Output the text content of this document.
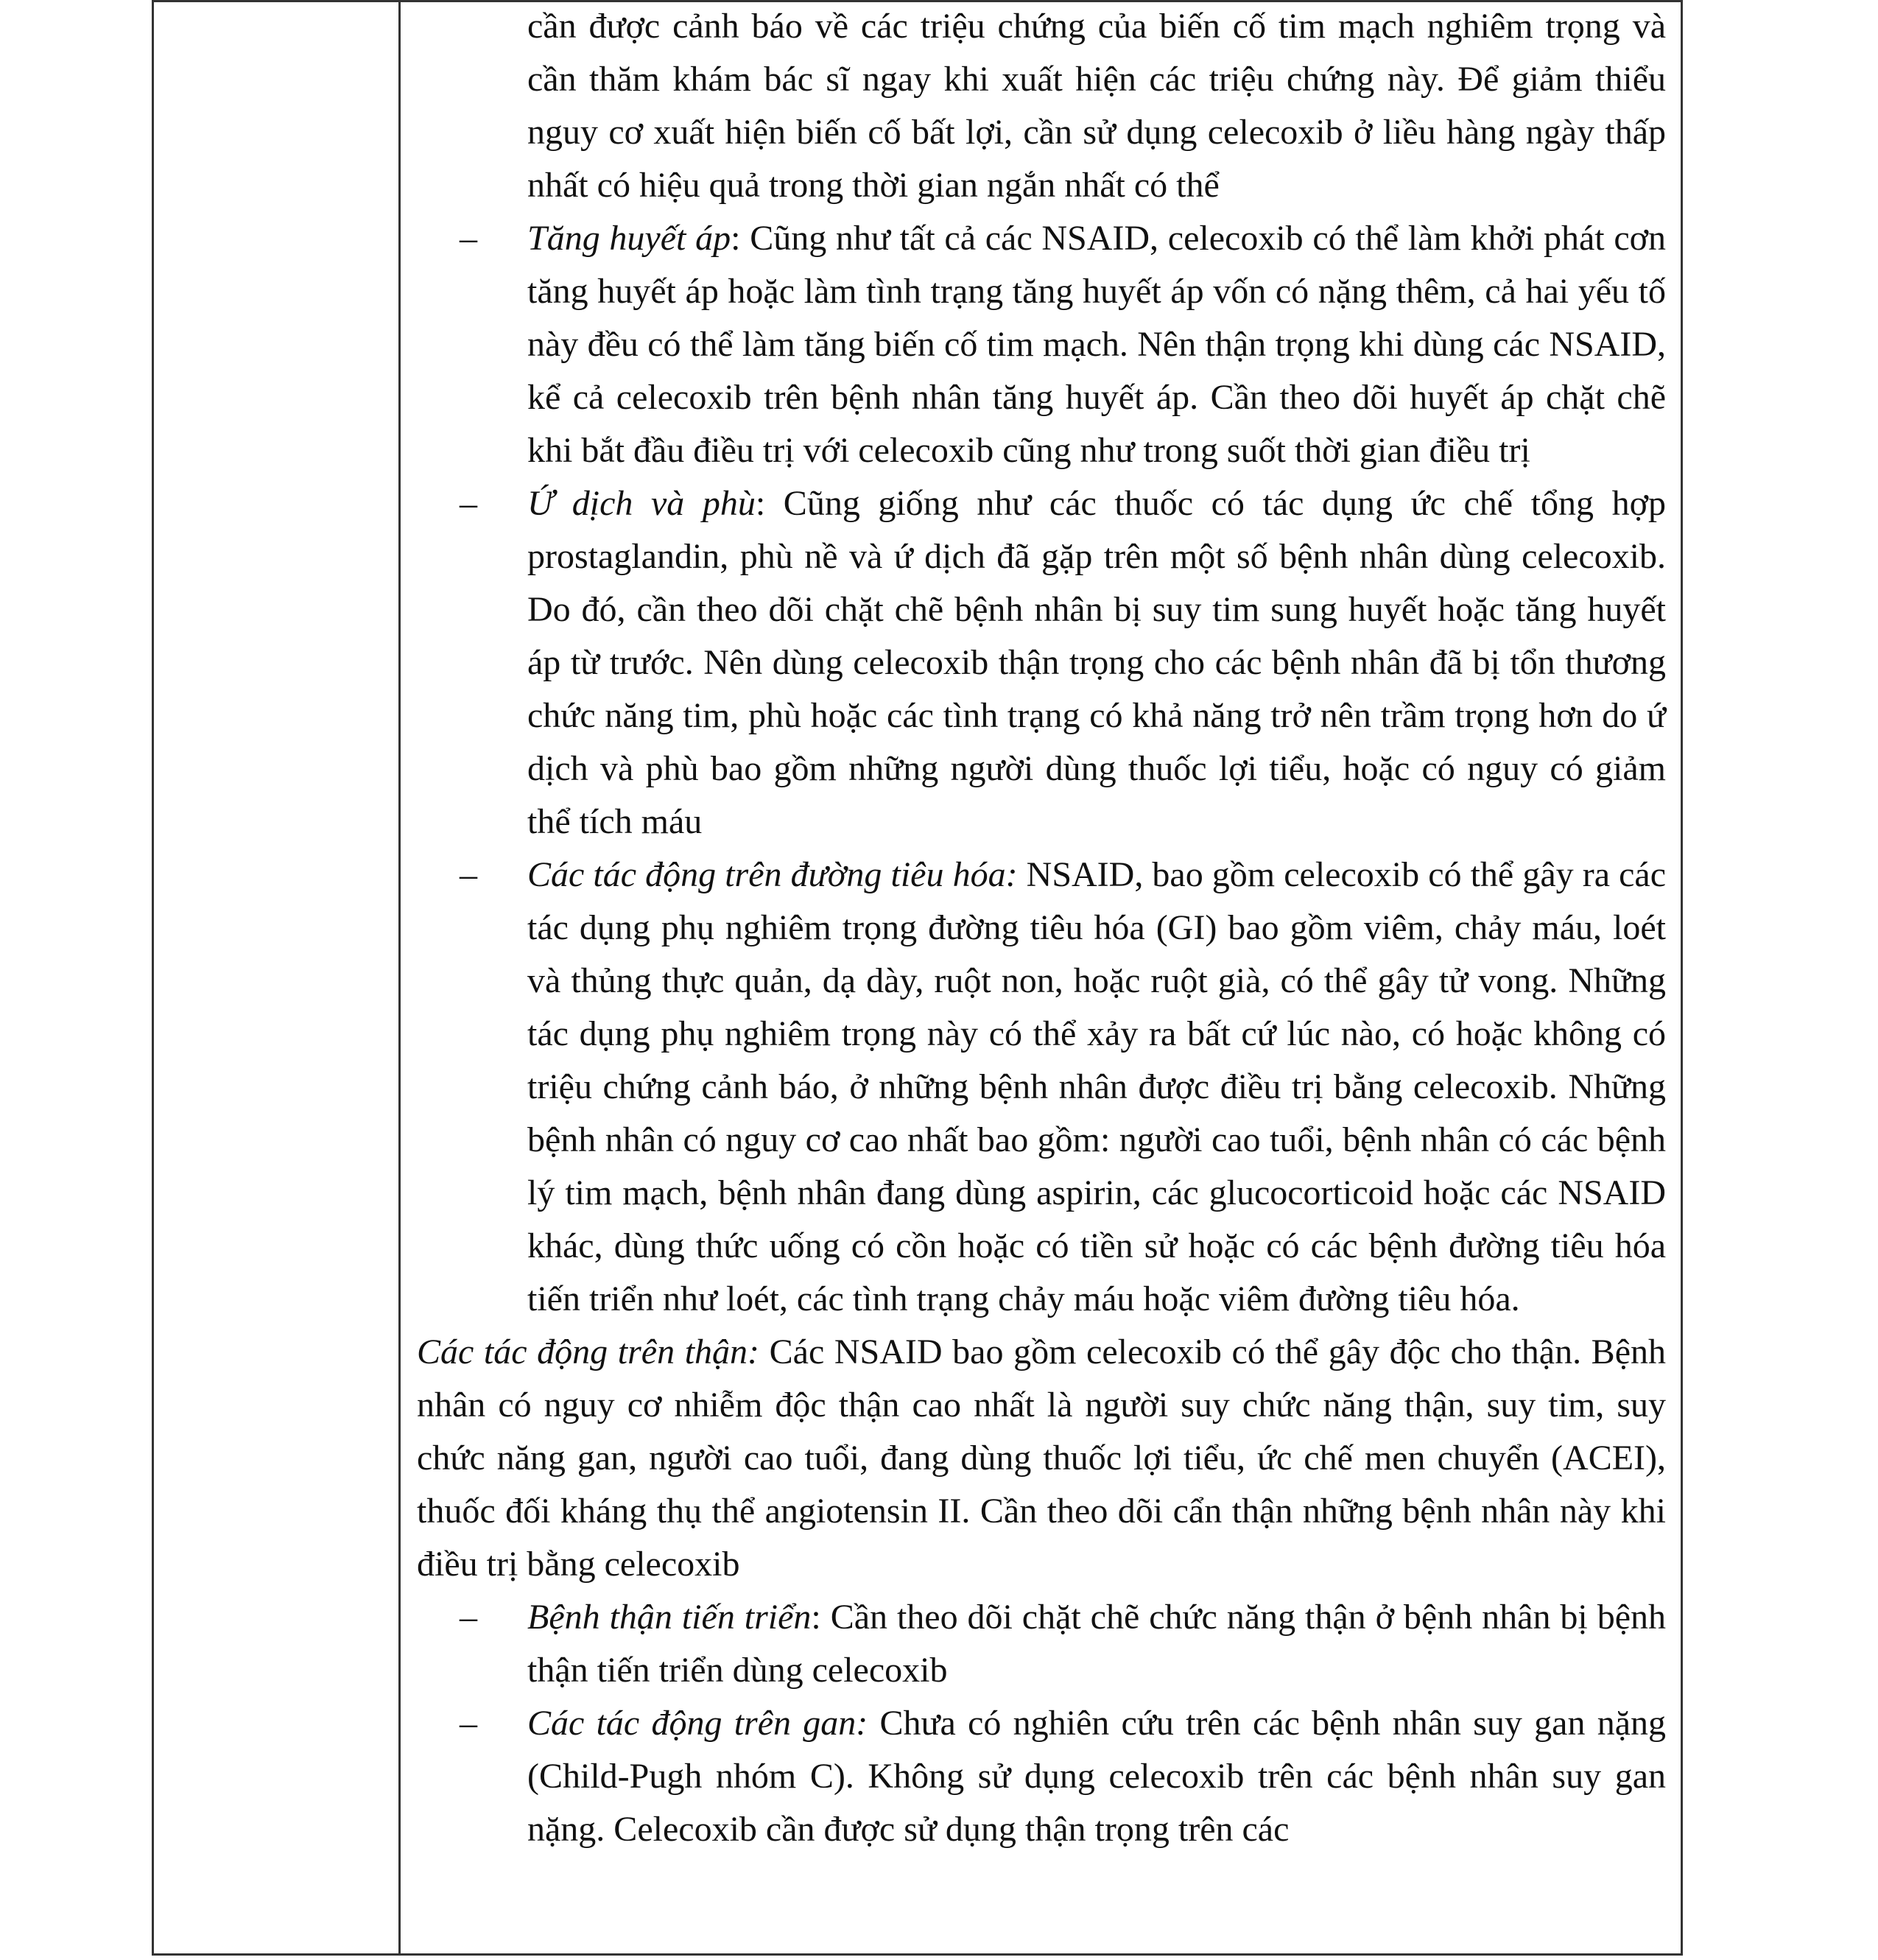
cần được cảnh báo về các triệu chứng của biến cố tim mạch nghiêm trọng và cần thăm khám bác sĩ ngay khi xuất hiện các triệu chứng này. Để giảm thiểu nguy cơ xuất hiện biến cố bất lợi, cần sử dụng celecoxib ở liều hàng ngày thấp nhất có hiệu quả trong thời gian ngắn nhất có thể
– Tăng huyết áp: Cũng như tất cả các NSAID, celecoxib có thể làm khởi phát cơn tăng huyết áp hoặc làm tình trạng tăng huyết áp vốn có nặng thêm, cả hai yếu tố này đều có thể làm tăng biến cố tim mạch. Nên thận trọng khi dùng các NSAID, kể cả celecoxib trên bệnh nhân tăng huyết áp. Cần theo dõi huyết áp chặt chẽ khi bắt đầu điều trị với celecoxib cũng như trong suốt thời gian điều trị
– Ứ dịch và phù: Cũng giống như các thuốc có tác dụng ức chế tổng hợp prostaglandin, phù nề và ứ dịch đã gặp trên một số bệnh nhân dùng celecoxib. Do đó, cần theo dõi chặt chẽ bệnh nhân bị suy tim sung huyết hoặc tăng huyết áp từ trước. Nên dùng celecoxib thận trọng cho các bệnh nhân đã bị tổn thương chức năng tim, phù hoặc các tình trạng có khả năng trở nên trầm trọng hơn do ứ dịch và phù bao gồm những người dùng thuốc lợi tiểu, hoặc có nguy có giảm thể tích máu
– Các tác động trên đường tiêu hóa: NSAID, bao gồm celecoxib có thể gây ra các tác dụng phụ nghiêm trọng đường tiêu hóa (GI) bao gồm viêm, chảy máu, loét và thủng thực quản, dạ dày, ruột non, hoặc ruột già, có thể gây tử vong. Những tác dụng phụ nghiêm trọng này có thể xảy ra bất cứ lúc nào, có hoặc không có triệu chứng cảnh báo, ở những bệnh nhân được điều trị bằng celecoxib. Những bệnh nhân có nguy cơ cao nhất bao gồm: người cao tuổi, bệnh nhân có các bệnh lý tim mạch, bệnh nhân đang dùng aspirin, các glucocorticoid hoặc các NSAID khác, dùng thức uống có cồn hoặc có tiền sử hoặc có các bệnh đường tiêu hóa tiến triển như loét, các tình trạng chảy máu hoặc viêm đường tiêu hóa.
Các tác động trên thận: Các NSAID bao gồm celecoxib có thể gây độc cho thận. Bệnh nhân có nguy cơ nhiễm độc thận cao nhất là người suy chức năng thận, suy tim, suy chức năng gan, người cao tuổi, đang dùng thuốc lợi tiểu, ức chế men chuyển (ACEI), thuốc đối kháng thụ thể angiotensin II. Cần theo dõi cẩn thận những bệnh nhân này khi điều trị bằng celecoxib
– Bệnh thận tiến triển: Cần theo dõi chặt chẽ chức năng thận ở bệnh nhân bị bệnh thận tiến triển dùng celecoxib
– Các tác động trên gan: Chưa có nghiên cứu trên các bệnh nhân suy gan nặng (Child-Pugh nhóm C). Không sử dụng celecoxib trên các bệnh nhân suy gan nặng. Celecoxib cần được sử dụng thận trọng trên các
